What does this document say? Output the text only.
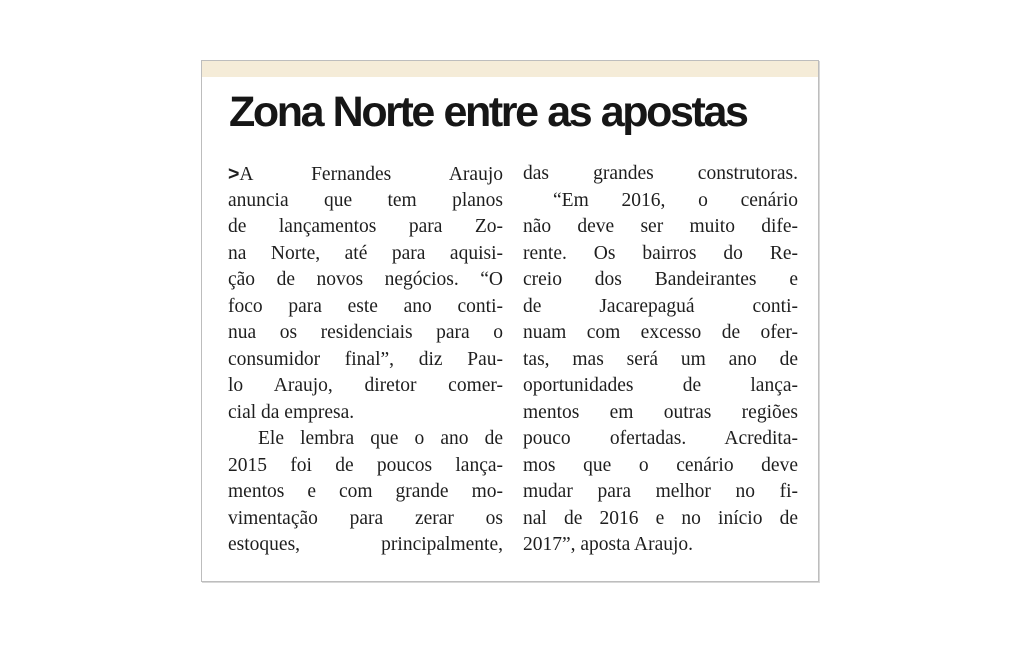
Zona Norte entre as apostas
>A Fernandes Araujo
anuncia que tem planos
de lançamentos para Zo-
na Norte, até para aquisi-
ção de novos negócios. “O
foco para este ano conti-
nua os residenciais para o
consumidor final”, diz Pau-
lo Araujo, diretor comer-
cial da empresa.
Ele lembra que o ano de
2015 foi de poucos lança-
mentos e com grande mo-
vimentação para zerar os
estoques, principalmente,
das grandes construtoras.
“Em 2016, o cenário
não deve ser muito dife-
rente. Os bairros do Re-
creio dos Bandeirantes e
de Jacarepaguá conti-
nuam com excesso de ofer-
tas, mas será um ano de
oportunidades de lança-
mentos em outras regiões
pouco ofertadas. Acredita-
mos que o cenário deve
mudar para melhor no fi-
nal de 2016 e no início de
2017”, aposta Araujo.
